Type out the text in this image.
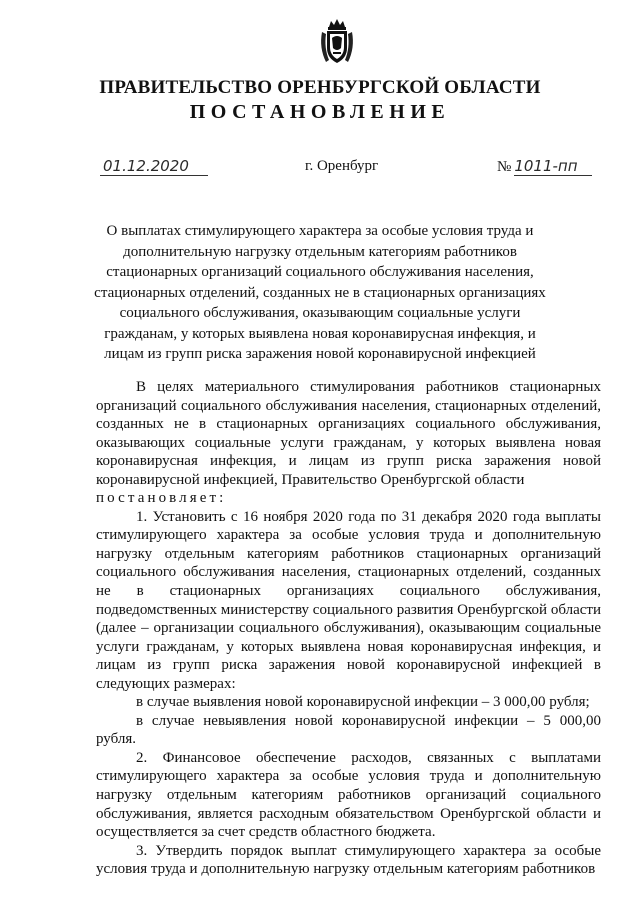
ПРАВИТЕЛЬСТВО ОРЕНБУРГСКОЙ ОБЛАСТИ
ПОСТАНОВЛЕНИЕ
01.12.2020	г. Оренбург	№ 1011-пп
О выплатах стимулирующего характера за особые условия труда и дополнительную нагрузку отдельным категориям работников стационарных организаций социального обслуживания населения, стационарных отделений, созданных не в стационарных организациях социального обслуживания, оказывающим социальные услуги гражданам, у которых выявлена новая коронавирусная инфекция, и лицам из групп риска заражения новой коронавирусной инфекцией

В целях материального стимулирования работников стационарных организаций социального обслуживания населения, стационарных отделений, созданных не в стационарных организациях социального обслуживания, оказывающих социальные услуги гражданам, у которых выявлена новая коронавирусная инфекция, и лицам из групп риска заражения новой коронавирусной инфекцией, Правительство Оренбургской области

постановляет:

1. Установить с 16 ноября 2020 года по 31 декабря 2020 года выплаты стимулирующего характера за особые условия труда и дополнительную нагрузку отдельным категориям работников стационарных организаций социального обслуживания населения, стационарных отделений, созданных не в стационарных организациях социального обслуживания, подведомственных министерству социального развития Оренбургской области (далее – организации социального обслуживания), оказывающим социальные услуги гражданам, у которых выявлена новая коронавирусная инфекция, и лицам из групп риска заражения новой коронавирусной инфекцией в следующих размерах:

в случае выявления новой коронавирусной инфекции – 3 000,00 рубля;

в случае невыявления новой коронавирусной инфекции – 5 000,00 рубля.

2. Финансовое обеспечение расходов, связанных с выплатами стимулирующего характера за особые условия труда и дополнительную нагрузку отдельным категориям работников организаций социального обслуживания, является расходным обязательством Оренбургской области и осуществляется за счет средств областного бюджета.

3. Утвердить порядок выплат стимулирующего характера за особые условия труда и дополнительную нагрузку отдельным категориям работников
